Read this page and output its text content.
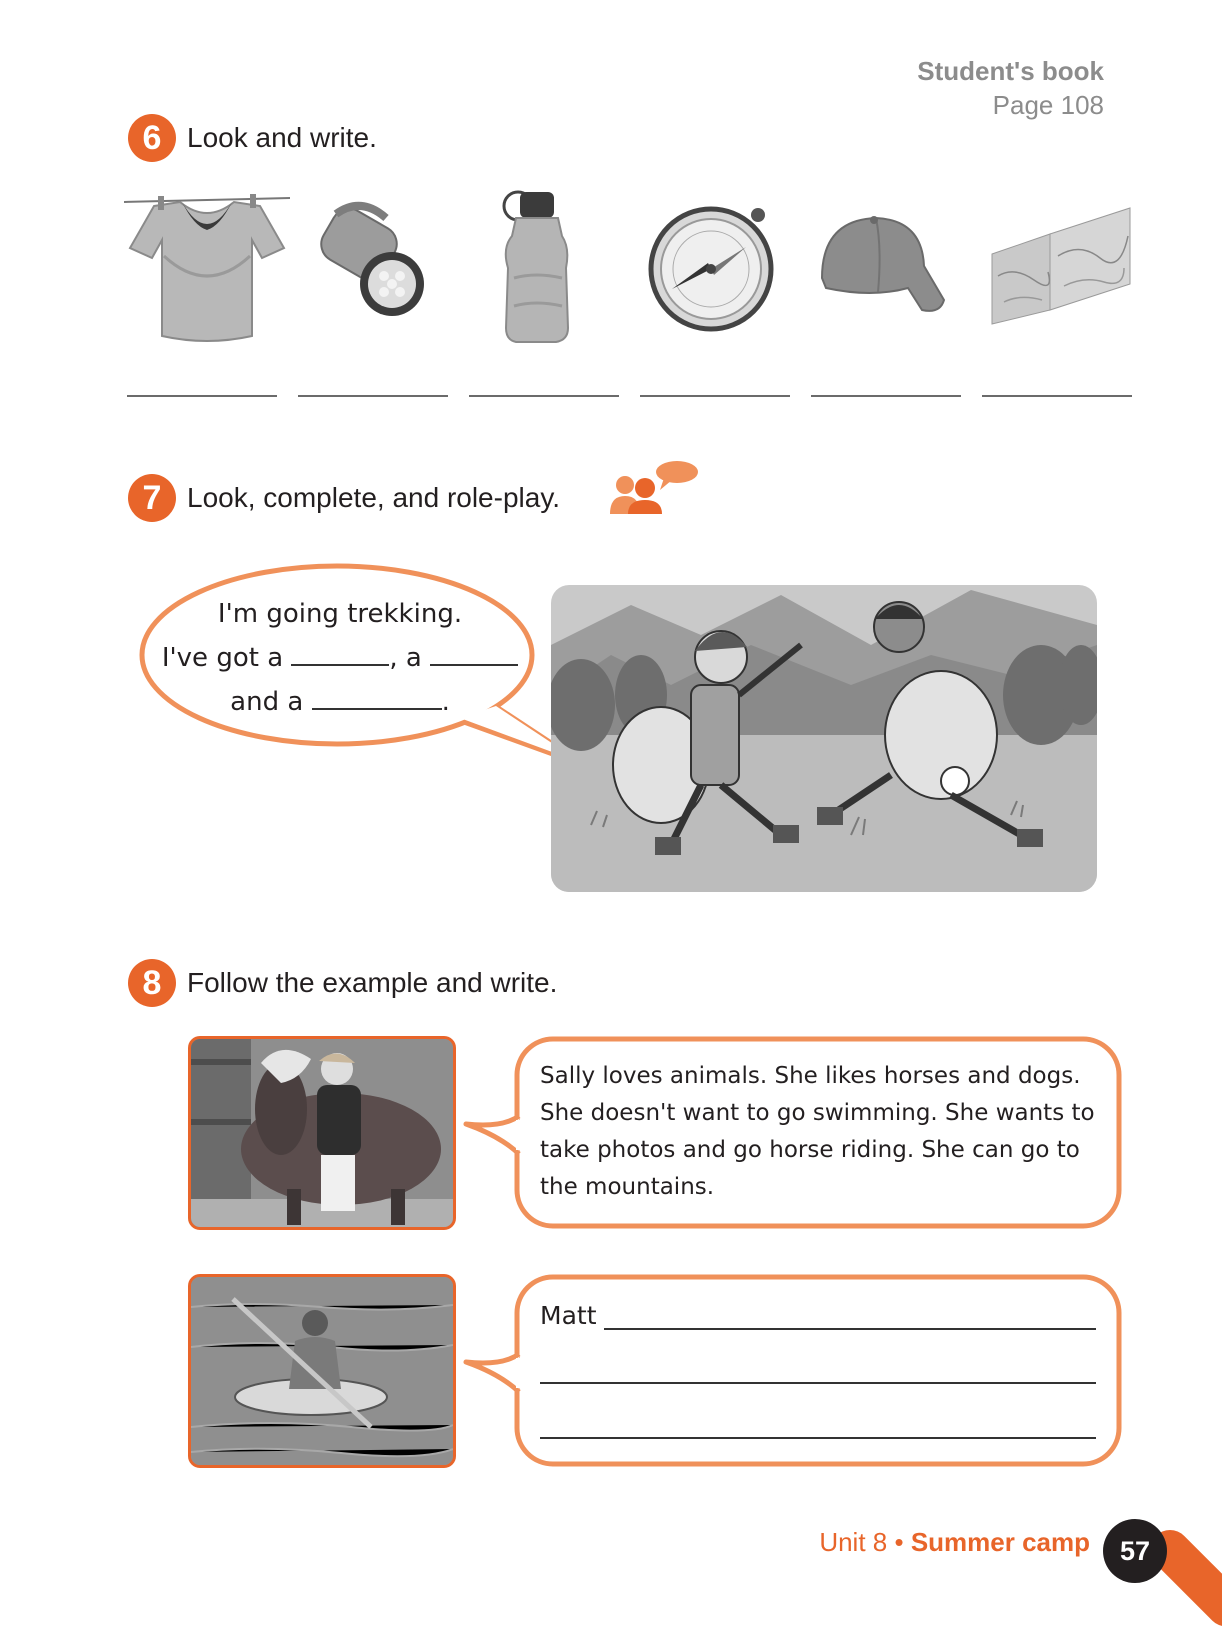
Student's book
Page 108
6 Look and write.
7 Look, complete, and role-play.
I'm going trekking.
I've got a	, a
and a	.
8 Follow the example and write.
Sally loves animals. She likes horses and dogs. She doesn't want to go swimming. She wants to take photos and go horse riding. She can go to the mountains.
Matt
Unit 8 • Summer camp	57
